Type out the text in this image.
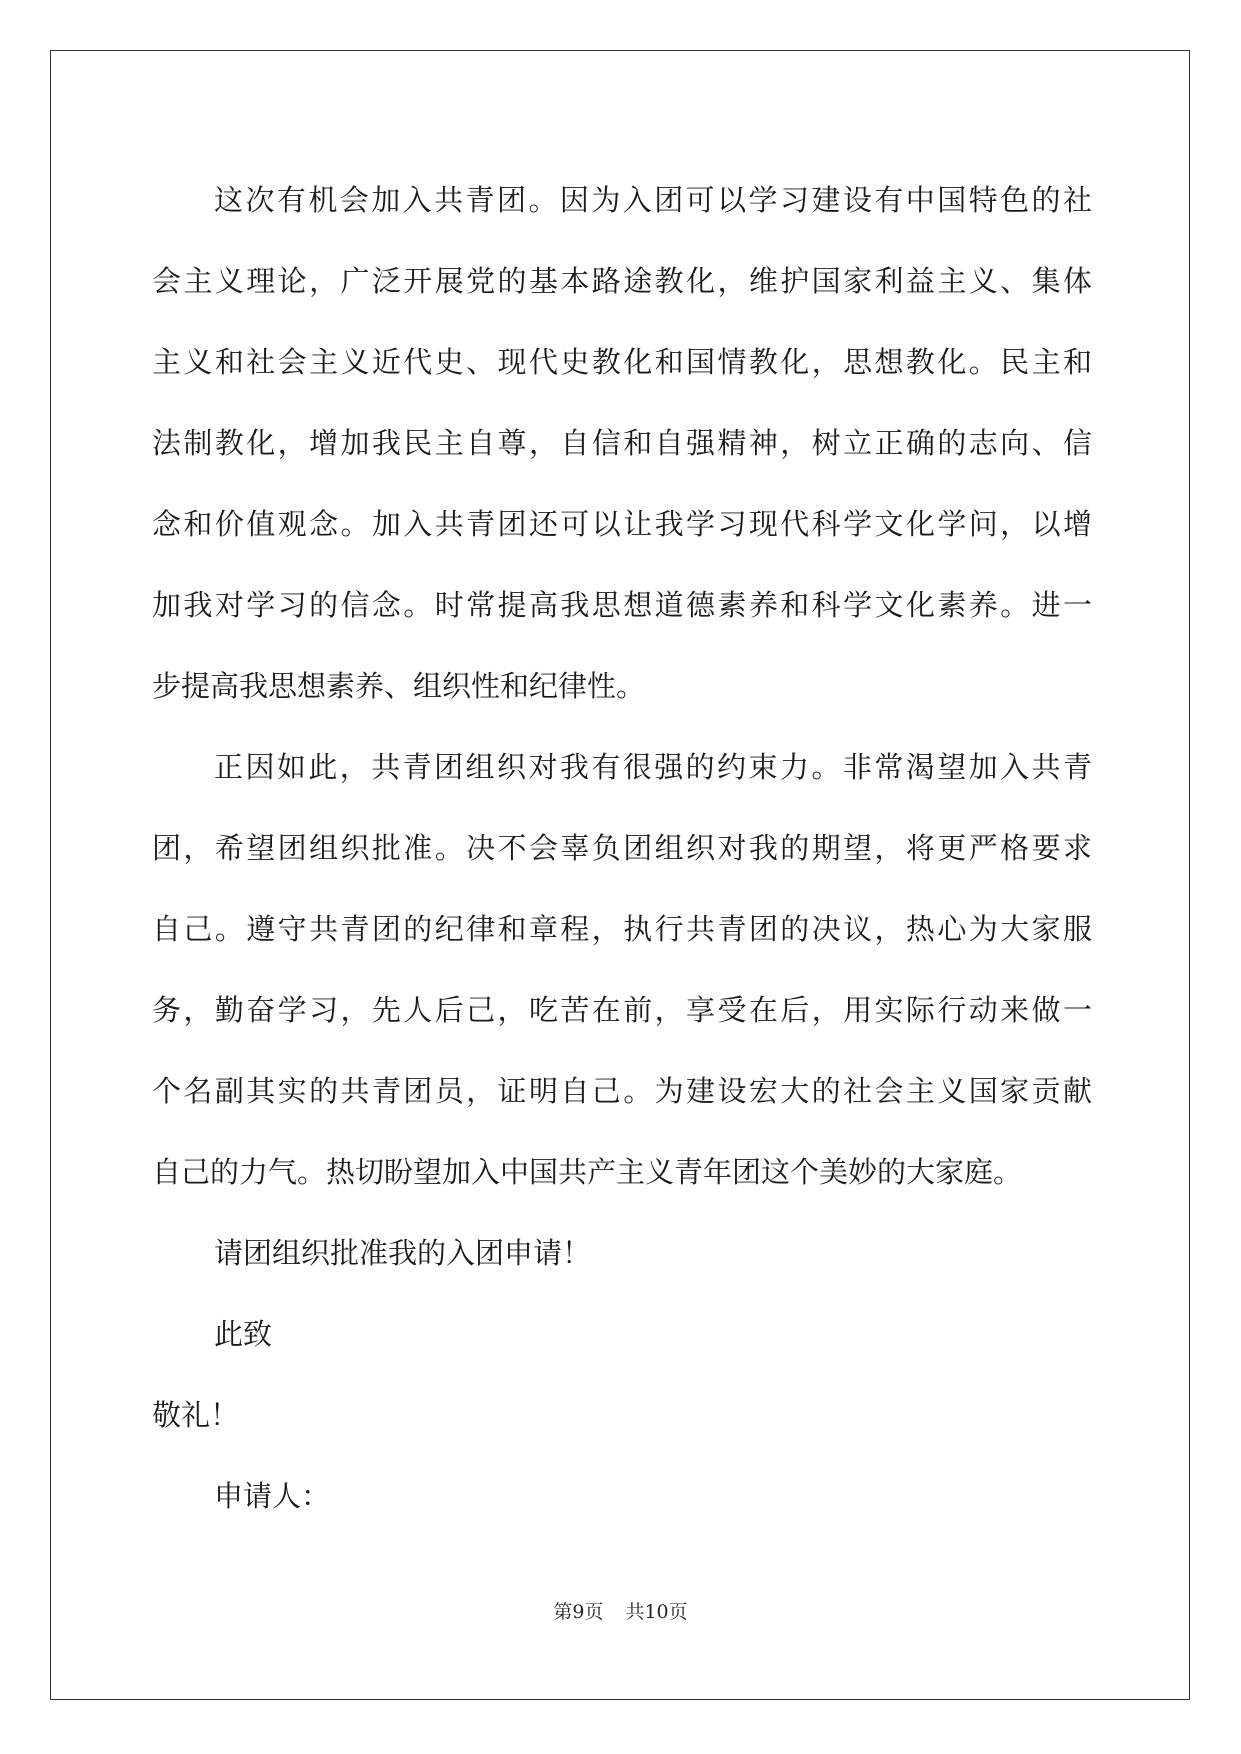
这次有机会加入共青团。因为入团可以学习建设有中国特色的社
会主义理论，广泛开展党的基本路途教化，维护国家利益主义、集体
主义和社会主义近代史、现代史教化和国情教化，思想教化。民主和
法制教化，增加我民主自尊，自信和自强精神，树立正确的志向、信
念和价值观念。加入共青团还可以让我学习现代科学文化学问，以增
加我对学习的信念。时常提高我思想道德素养和科学文化素养。进一
步提高我思想素养、组织性和纪律性。
正因如此，共青团组织对我有很强的约束力。非常渴望加入共青
团，希望团组织批准。决不会辜负团组织对我的期望，将更严格要求
自己。遵守共青团的纪律和章程，执行共青团的决议，热心为大家服
务，勤奋学习，先人后己，吃苦在前，享受在后，用实际行动来做一
个名副其实的共青团员，证明自己。为建设宏大的社会主义国家贡献
自己的力气。热切盼望加入中国共产主义青年团这个美妙的大家庭。
请团组织批准我的入团申请！
此致
敬礼！
申请人：
第9页 共10页
